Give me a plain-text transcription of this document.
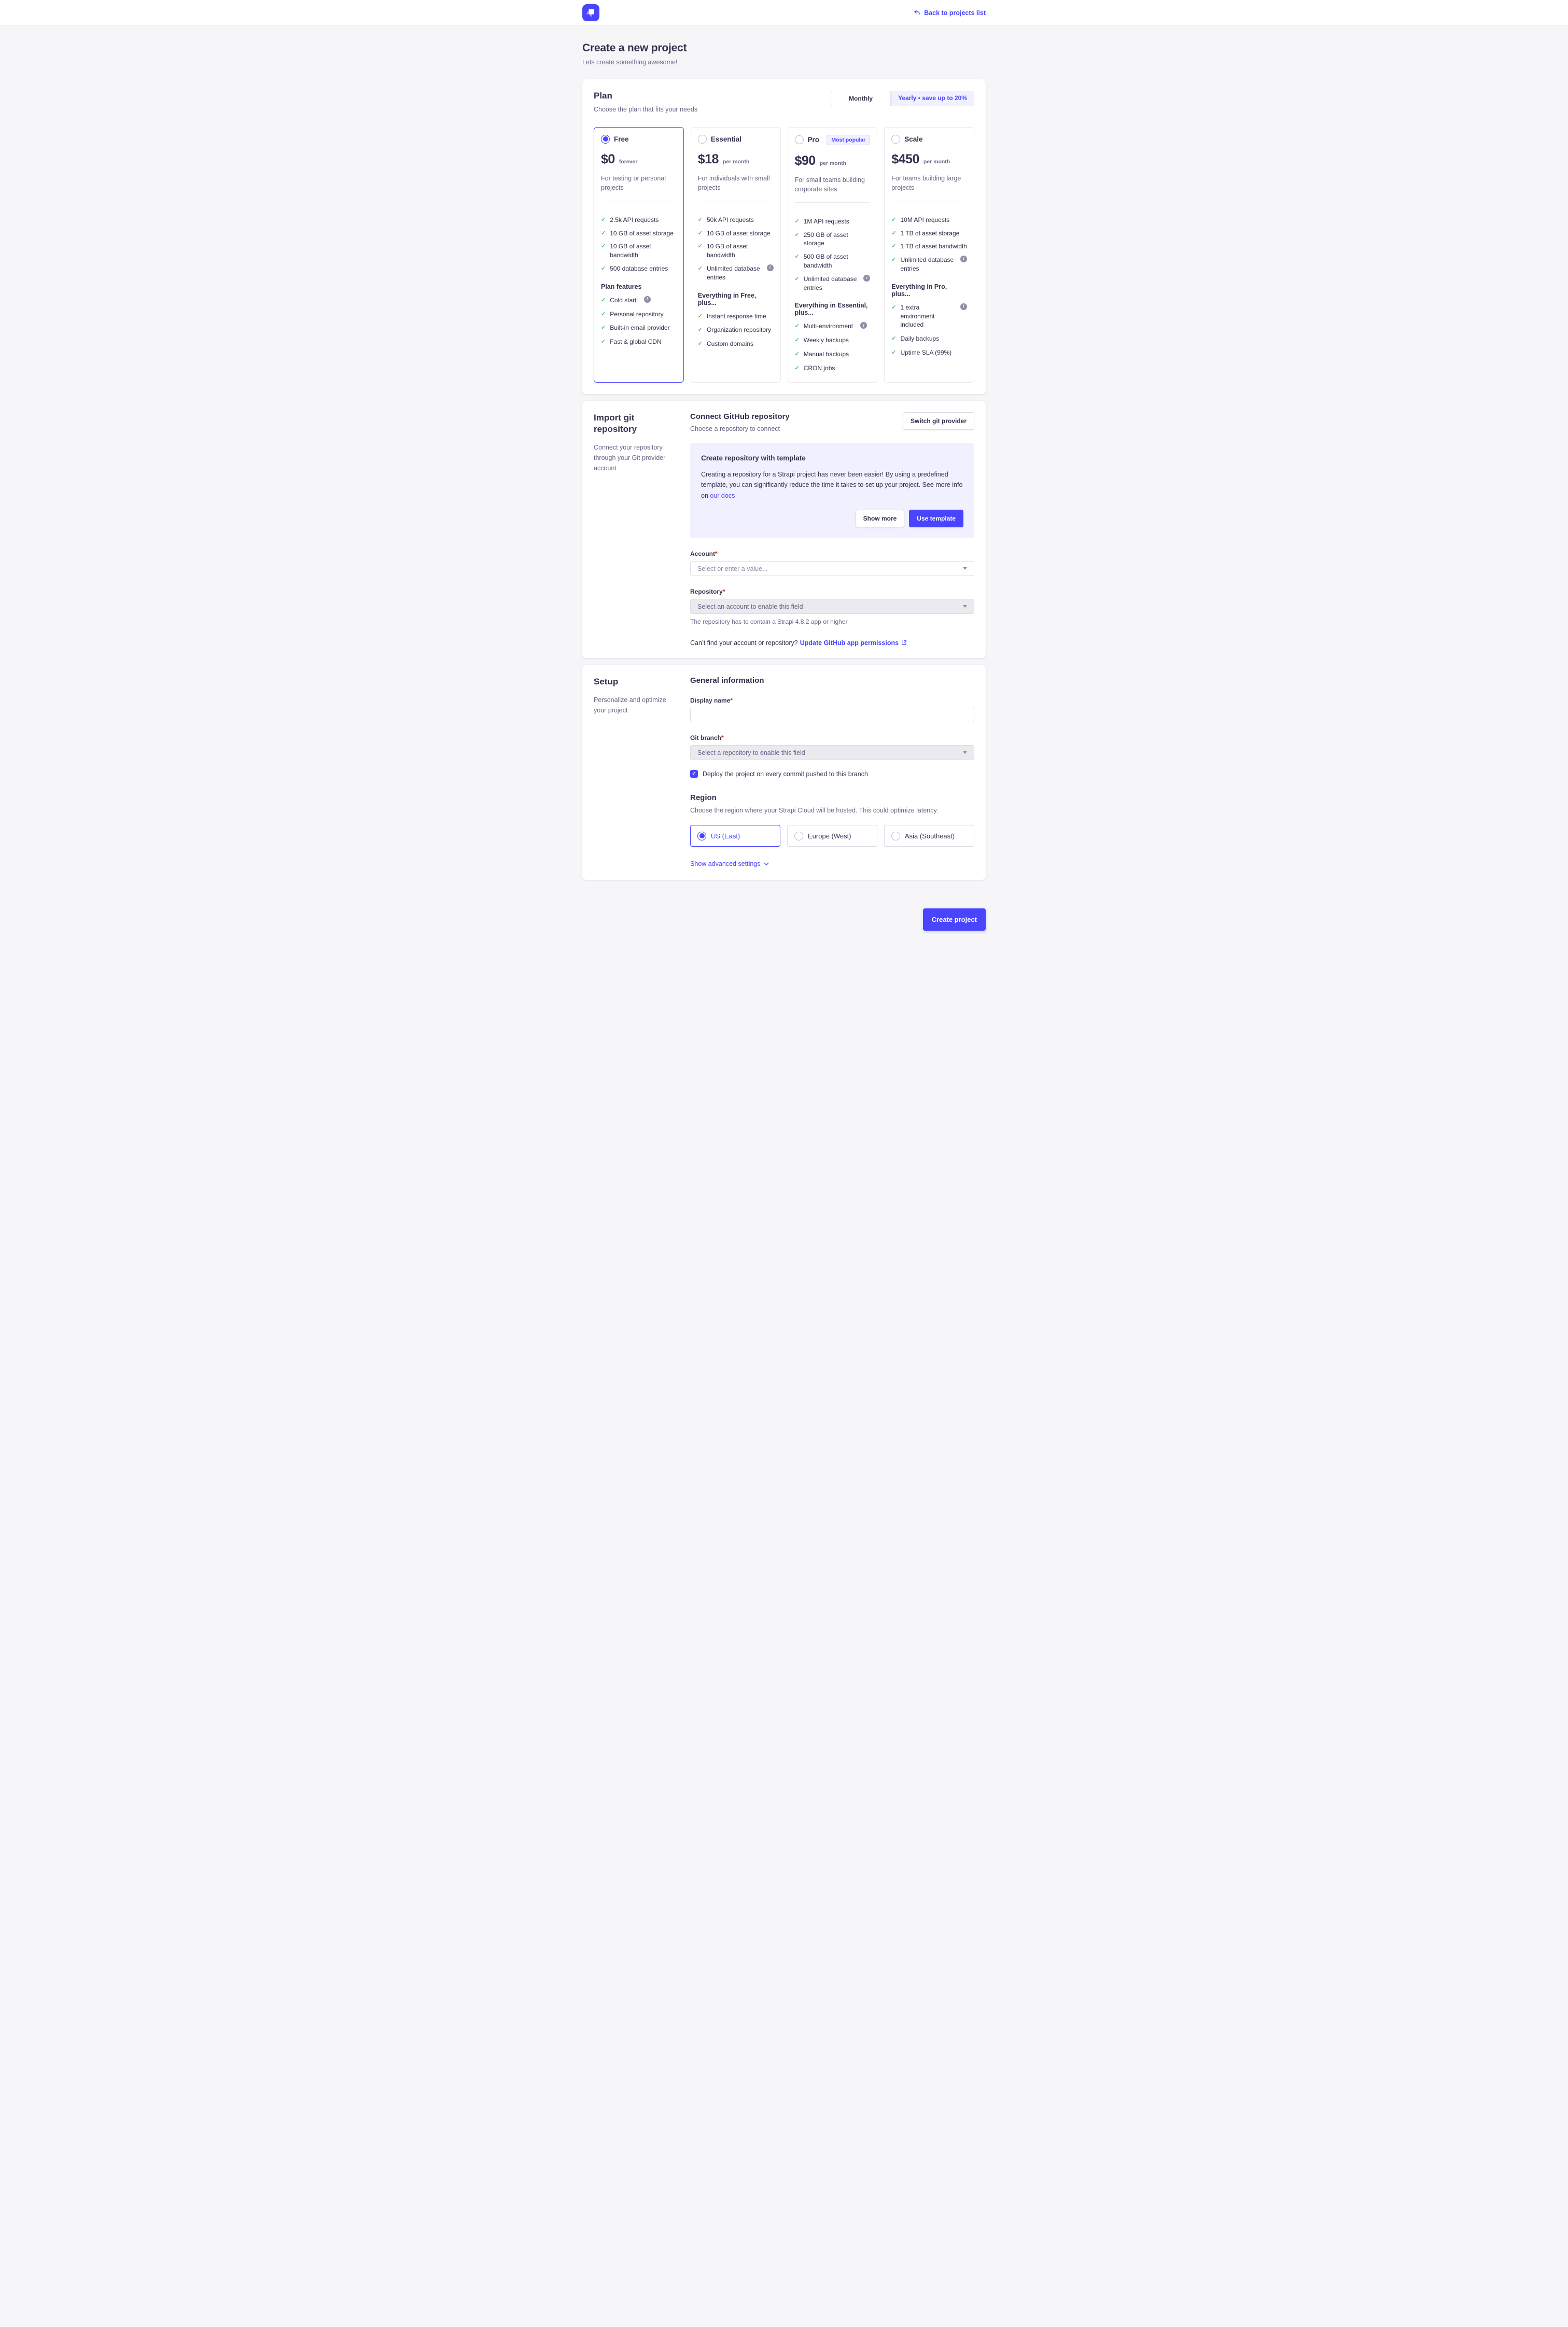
Back to projects list
Create a new project
Lets create something awesome!
Plan
Choose the plan that fits your needs
Monthly	Yearly • save up to 20%
Free
$0 forever
For testing or personal projects
✓ 2.5k API requests
✓ 10 GB of asset storage
✓ 10 GB of asset bandwidth
✓ 500 database entries
Plan features
✓ Cold start	i
✓ Personal repository
✓ Built-in email provider
✓ Fast & global CDN
Essential
$18 per month
For individuals with small projects
✓ 50k API requests
✓ 10 GB of asset storage
✓ 10 GB of asset bandwidth
✓ Unlimited database entries
i
Everything in Free, plus...
✓ Instant response time
✓ Organization repository
✓ Custom domains
Pro	Most popular
$90 per month
For small teams building corporate sites
✓ 1M API requests
✓ 250 GB of asset storage
✓ 500 GB of asset bandwidth
✓ Unlimited database entries
i
Everything in Essential, plus...
✓ Multi-environment	i
✓ Weekly backups
✓ Manual backups
✓ CRON jobs
Scale
$450 per month
For teams building large projects
✓ 10M API requests
✓ 1 TB of asset storage
✓ 1 TB of asset bandwidth
✓ Unlimited database entries
i
Everything in Pro, plus...
✓ 1 extra environment included
i
✓ Daily backups
✓ Uptime SLA (99%)
Import git repository
Connect your repository through your Git provider account
Connect GitHub repository
Choose a repository to connect
Switch git provider
Create repository with template
Creating a repository for a Strapi project has never been easier! By using a predefined template, you can significantly reduce the time it takes to set up your project. See more info on our docs
Show more	Use template
Account*
Select or enter a value...
Repository*
Select an account to enable this field
The repository has to contain a Strapi 4.8.2 app or higher
Can’t find your account or repository? Update GitHub app permissions
Setup
Personalize and optimize your project
General information
Display name*
Git branch*
Select a repository to enable this field
✓ Deploy the project on every commit pushed to this branch
Region
Choose the region where your Strapi Cloud will be hosted. This could optimize latency.
US (East)	Europe (West)	Asia (Southeast)
Show advanced settings
Create project
